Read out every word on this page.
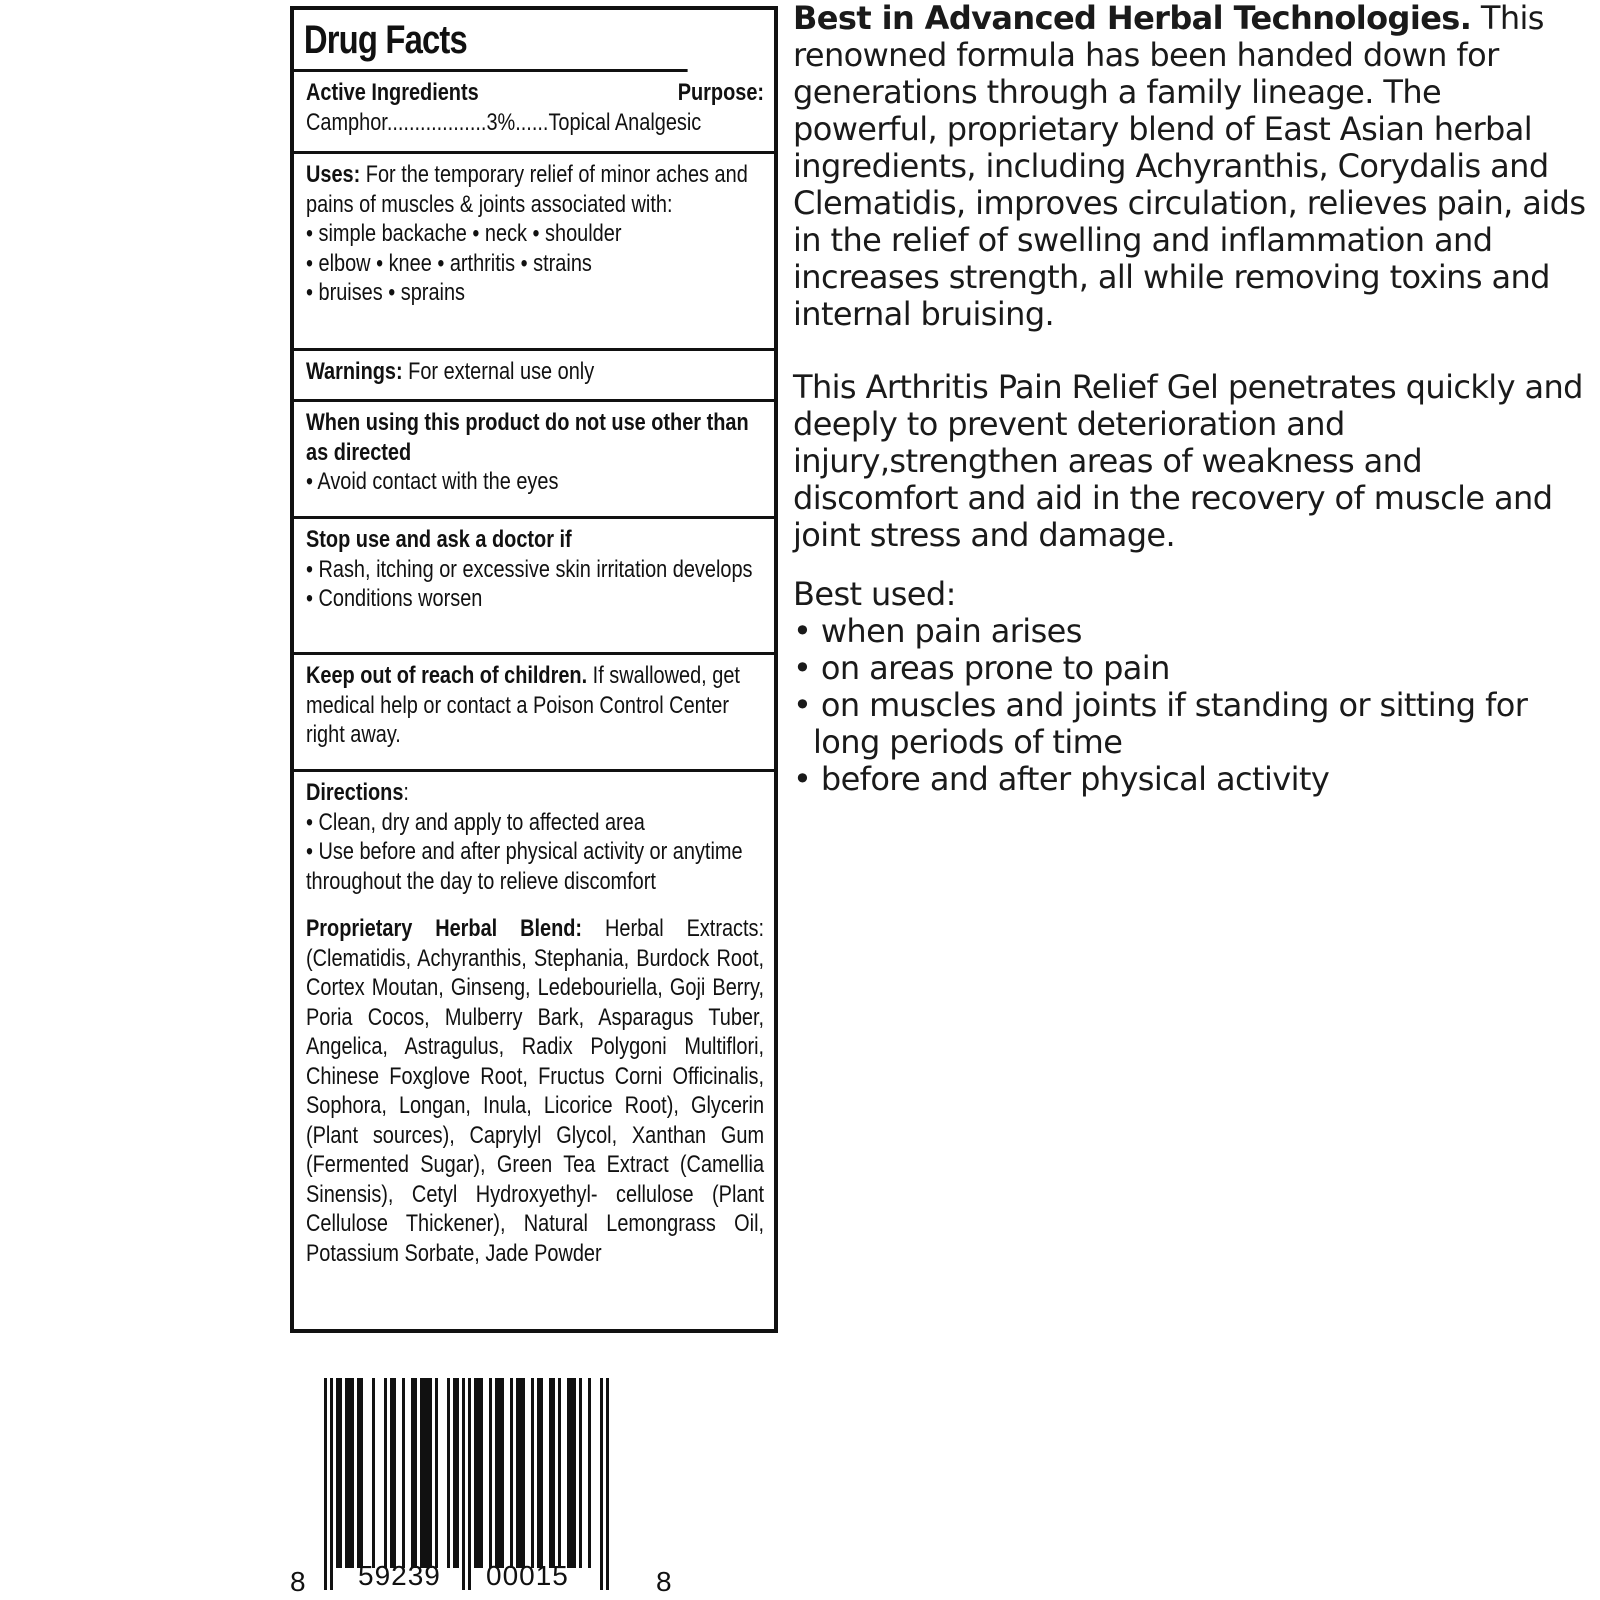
Drug Facts
Active Ingredients	Purpose:
Camphor..................3%......Topical Analgesic
Uses: For the temporary relief of minor aches and pains of muscles & joints associated with:
• simple backache • neck • shoulder
• elbow • knee • arthritis • strains
• bruises • sprains
Warnings: For external use only
When using this product do not use other than as directed
• Avoid contact with the eyes
Stop use and ask a doctor if
• Rash, itching or excessive skin irritation develops
• Conditions worsen
Keep out of reach of children. If swallowed, get medical help or contact a Poison Control Center right away.
Directions:
• Clean, dry and apply to affected area
• Use before and after physical activity or anytime throughout the day to relieve discomfort
Proprietary Herbal Blend: Herbal Extracts: (Clematidis, Achyranthis, Stephania, Burdock Root, Cortex Moutan, Ginseng, Ledebouriella, Goji Berry, Poria Cocos, Mulberry Bark, Asparagus Tuber, Angelica, Astragulus, Radix Polygoni Multiflori, Chinese Foxglove Root, Fructus Corni Officinalis, Sophora, Longan, Inula, Licorice Root), Glycerin (Plant sources), Caprylyl Glycol, Xanthan Gum (Fermented Sugar), Green Tea Extract (Camellia Sinensis), Cetyl Hydroxyethyl- cellulose (Plant Cellulose Thickener), Natural Lemongrass Oil, Potassium Sorbate, Jade Powder

Best in Advanced Herbal Technologies. This renowned formula has been handed down for generations through a family lineage. The powerful, proprietary blend of East Asian herbal ingredients, including Achyranthis, Corydalis and Clematidis, improves circulation, relieves pain, aids in the relief of swelling and inflammation and increases strength, all while removing toxins and internal bruising.

This Arthritis Pain Relief Gel penetrates quickly and deeply to prevent deterioration and injury,strengthen areas of weakness and discomfort and aid in the recovery of muscle and joint stress and damage.

Best used:

• when pain arises
• on areas prone to pain
• on muscles and joints if standing or sitting for long periods of time
• before and after physical activity
8 59239 00015	8
